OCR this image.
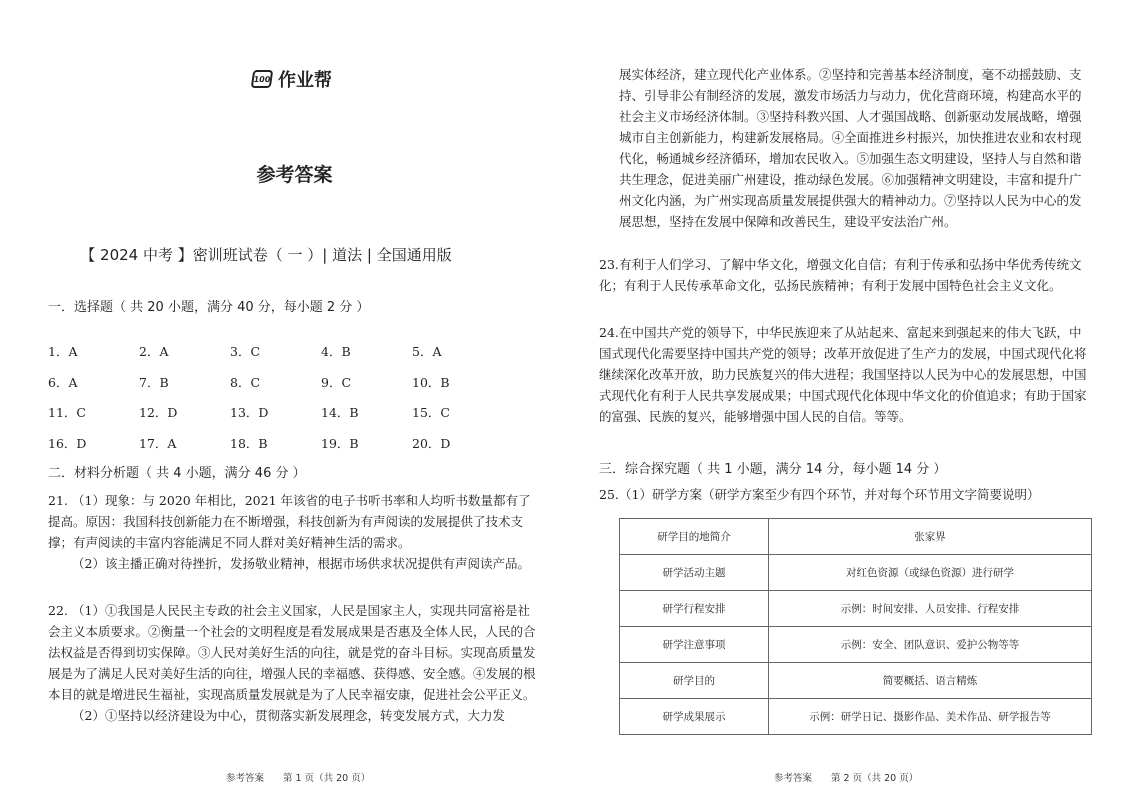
100 作业帮
参考答案
【 2024 中考 】密训班试卷（ 一 ）| 道法 | 全国通用版
一．选择题（ 共 20 小题，满分 40 分，每小题 2 分 ）
1．A	2．A	3．C	4．B	5．A
6．A	7．B	8．C	9．C	10．B
11．C	12．D	13．D	14．B	15．C
16．D	17．A	18．B	19．B	20．D
二．材料分析题（ 共 4 小题，满分 46 分 ）

21. （1）现象：与 2020 年相比，2021 年该省的电子书听书率和人均听书数量都有了提高。原因：我国科技创新能力在不断增强，科技创新为有声阅读的发展提供了技术支撑；有声阅读的丰富内容能满足不同人群对美好精神生活的需求。

（2）该主播正确对待挫折，发扬敬业精神，根据市场供求状况提供有声阅读产品。

22. （1）①我国是人民民主专政的社会主义国家，人民是国家主人，实现共同富裕是社会主义本质要求。②衡量一个社会的文明程度是看发展成果是否惠及全体人民，人民的合法权益是否得到切实保障。③人民对美好生活的向往，就是党的奋斗目标。实现高质量发展是为了满足人民对美好生活的向往，增强人民的幸福感、获得感、安全感。④发展的根本目的就是增进民生福祉，实现高质量发展就是为了人民幸福安康，促进社会公平正义。

（2）①坚持以经济建设为中心，贯彻落实新发展理念，转变发展方式，大力发

参考答案　　第 1 页（共 20 页）
展实体经济，建立现代化产业体系。②坚持和完善基本经济制度，毫不动摇鼓励、支持、引导非公有制经济的发展，激发市场活力与动力，优化营商环境，构建高水平的社会主义市场经济体制。③坚持科教兴国、人才强国战略、创新驱动发展战略，增强城市自主创新能力，构建新发展格局。④全面推进乡村振兴，加快推进农业和农村现代化，畅通城乡经济循环，增加农民收入。⑤加强生态文明建设，坚持人与自然和谐共生理念，促进美丽广州建设，推动绿色发展。⑥加强精神文明建设，丰富和提升广州文化内涵，为广州实现高质量发展提供强大的精神动力。⑦坚持以人民为中心的发展思想，坚持在发展中保障和改善民生，建设平安法治广州。

23.有利于人们学习、了解中华文化，增强文化自信；有利于传承和弘扬中华优秀传统文化；有利于人民传承革命文化，弘扬民族精神；有利于发展中国特色社会主义文化。

24.在中国共产党的领导下，中华民族迎来了从站起来、富起来到强起来的伟大飞跃，中国式现代化需要坚持中国共产党的领导；改革开放促进了生产力的发展，中国式现代化将继续深化改革开放，助力民族复兴的伟大进程；我国坚持以人民为中心的发展思想，中国式现代化有利于人民共享发展成果；中国式现代化体现中华文化的价值追求；有助于国家的富强、民族的复兴，能够增强中国人民的自信。等等。

三．综合探究题（ 共 1 小题，满分 14 分，每小题 14 分 ）

25.（1）研学方案（研学方案至少有四个环节，并对每个环节用文字简要说明）

研学目的地简介	张家界
研学活动主题	对红色资源（或绿色资源）进行研学
研学行程安排	示例：时间安排、人员安排、行程安排
研学注意事项	示例：安全、团队意识、爱护公物等等
研学目的	简要概括、语言精炼
研学成果展示	示例：研学日记、摄影作品、美术作品、研学报告等
参考答案　　第 2 页（共 20 页）
